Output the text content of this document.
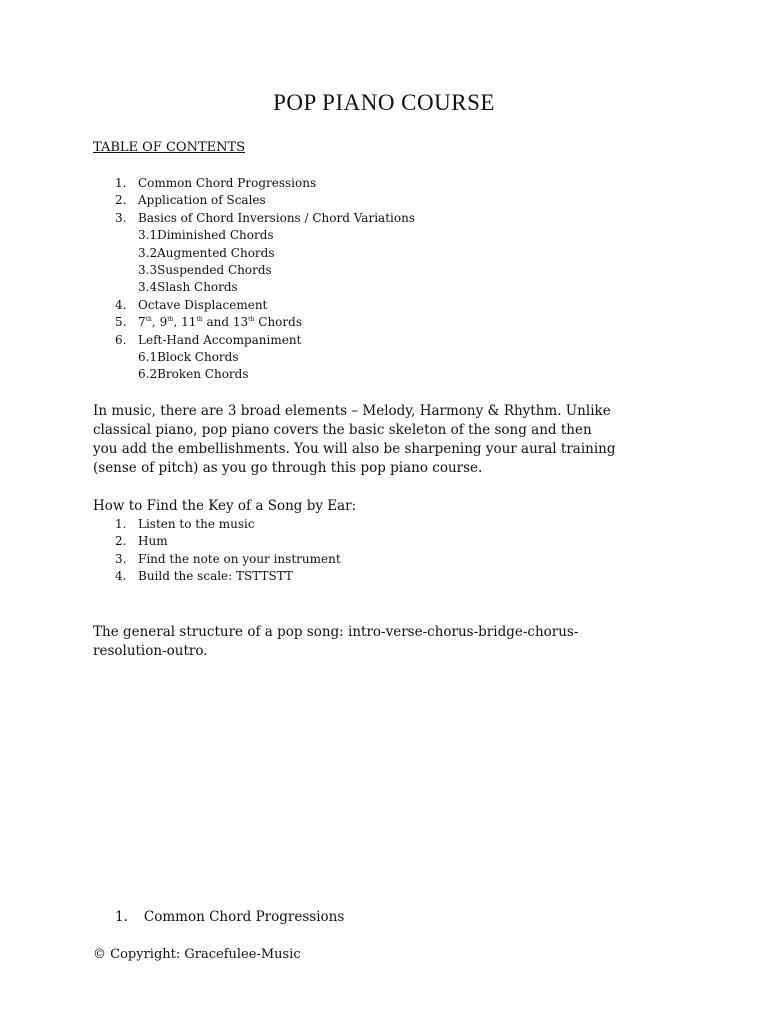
POP PIANO COURSE
TABLE OF CONTENTS
1. Common Chord Progressions
2. Application of Scales
3. Basics of Chord Inversions / Chord Variations
3.1Diminished Chords
3.2Augmented Chords
3.3Suspended Chords
3.4Slash Chords
4. Octave Displacement
5. 7th, 9th, 11th and 13th Chords
6. Left-Hand Accompaniment
6.1Block Chords
6.2Broken Chords
In music, there are 3 broad elements – Melody, Harmony & Rhythm. Unlike
classical piano, pop piano covers the basic skeleton of the song and then
you add the embellishments. You will also be sharpening your aural training
(sense of pitch) as you go through this pop piano course.
How to Find the Key of a Song by Ear:
1. Listen to the music
2. Hum
3. Find the note on your instrument
4. Build the scale: TSTTSTT
The general structure of a pop song: intro-verse-chorus-bridge-chorus-
resolution-outro.
1. Common Chord Progressions
© Copyright: Gracefulee-Music
